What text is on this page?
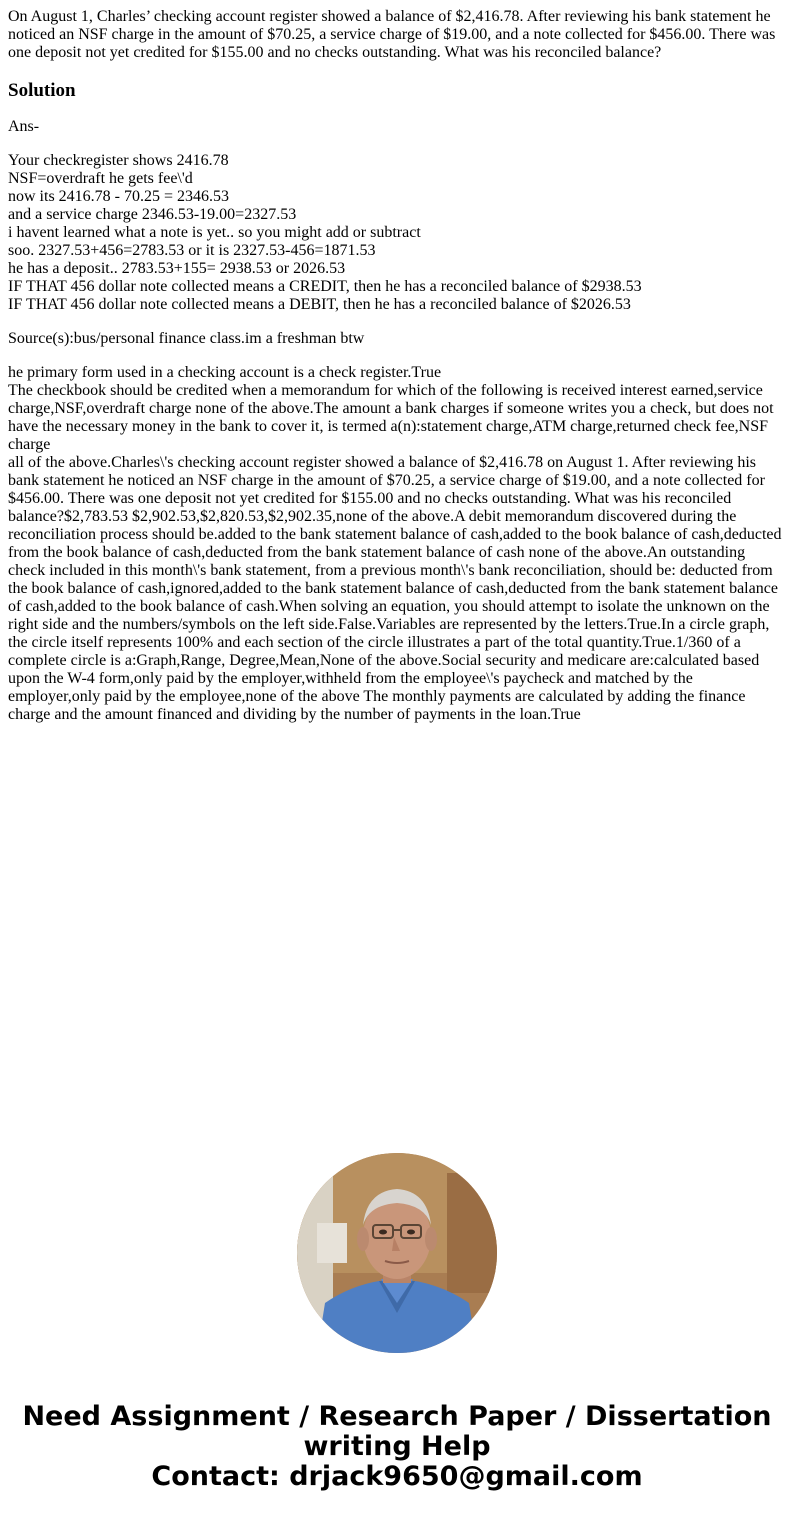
On August 1, Charles’ checking account register showed a balance of $2,416.78. After reviewing his bank statement he noticed an NSF charge in the amount of $70.25, a service charge of $19.00, and a note collected for $456.00. There was one deposit not yet credited for $155.00 and no checks outstanding. What was his reconciled balance?

Solution

Ans-

Your checkregister shows 2416.78
NSF=overdraft he gets fee\'d
now its 2416.78 - 70.25 = 2346.53
and a service charge 2346.53-19.00=2327.53
i havent learned what a note is yet.. so you might add or subtract
soo. 2327.53+456=2783.53 or it is 2327.53-456=1871.53
he has a deposit.. 2783.53+155= 2938.53 or 2026.53
IF THAT 456 dollar note collected means a CREDIT, then he has a reconciled balance of $2938.53
IF THAT 456 dollar note collected means a DEBIT, then he has a reconciled balance of $2026.53

Source(s):bus/personal finance class.im a freshman btw

he primary form used in a checking account is a check register.True
The checkbook should be credited when a memorandum for which of the following is received interest earned,service charge,NSF,overdraft charge none of the above.The amount a bank charges if someone writes you a check, but does not have the necessary money in the bank to cover it, is termed a(n):statement charge,ATM charge,returned check fee,NSF charge
all of the above.Charles\'s checking account register showed a balance of $2,416.78 on August 1. After reviewing his bank statement he noticed an NSF charge in the amount of $70.25, a service charge of $19.00, and a note collected for $456.00. There was one deposit not yet credited for $155.00 and no checks outstanding. What was his reconciled balance?$2,783.53 $2,902.53,$2,820.53,$2,902.35,none of the above.A debit memorandum discovered during the reconciliation process should be.added to the bank statement balance of cash,added to the book balance of cash,deducted from the book balance of cash,deducted from the bank statement balance of cash none of the above.An outstanding check included in this month\'s bank statement, from a previous month\'s bank reconciliation, should be: deducted from the book balance of cash,ignored,added to the bank statement balance of cash,deducted from the bank statement balance of cash,added to the book balance of cash.When solving an equation, you should attempt to isolate the unknown on the right side and the numbers/symbols on the left side.False.Variables are represented by the letters.True.In a circle graph, the circle itself represents 100% and each section of the circle illustrates a part of the total quantity.True.1/360 of a complete circle is a:Graph,Range, Degree,Mean,None of the above.Social security and medicare are:calculated based upon the W-4 form,only paid by the employer,withheld from the employee\'s paycheck and matched by the employer,only paid by the employee,none of the above The monthly payments are calculated by adding the finance charge and the amount financed and dividing by the number of payments in the loan.True

Need Assignment / Research Paper / Dissertation
writing Help
Contact: drjack9650@gmail.com
